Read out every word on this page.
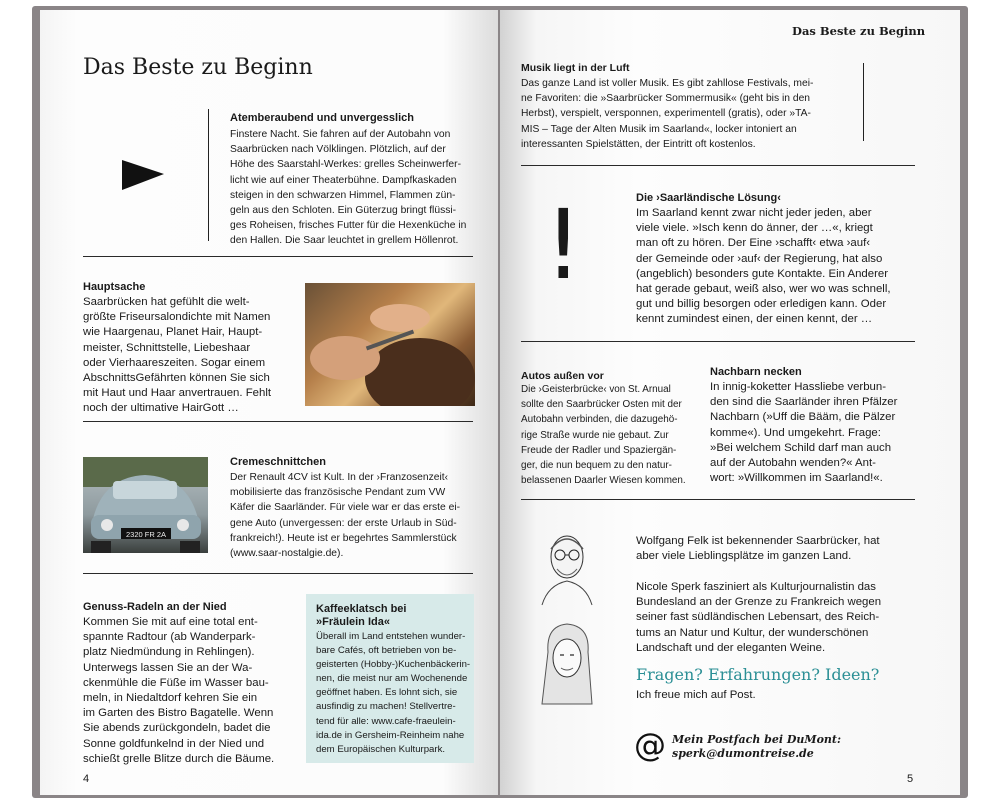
Das Beste zu Beginn
Atemberaubend und unvergesslich
Finstere Nacht. Sie fahren auf der Autobahn von
Saarbrücken nach Völklingen. Plötzlich, auf der
Höhe des Saarstahl-Werkes: grelles Scheinwerfer-
licht wie auf einer Theaterbühne. Dampfkaskaden
steigen in den schwarzen Himmel, Flammen zün-
geln aus den Schloten. Ein Güterzug bringt flüssi-
ges Roheisen, frisches Futter für die Hexenküche in
den Hallen. Die Saar leuchtet in grellem Höllenrot.
Hauptsache
Saarbrücken hat gefühlt die welt-
größte Friseursalondichte mit Namen
wie Haargenau, Planet Hair, Haupt-
meister, Schnittstelle, Liebeshaar
oder Vierhaareszeiten. Sogar einem
AbschnittsGefährten können Sie sich
mit Haut und Haar anvertrauen. Fehlt
noch der ultimative HairGott …
2320 FR 2A
Cremeschnittchen
Der Renault 4CV ist Kult. In der ›Franzosenzeit‹
mobilisierte das französische Pendant zum VW
Käfer die Saarländer. Für viele war er das erste ei-
gene Auto (unvergessen: der erste Urlaub in Süd-
frankreich!). Heute ist er begehrtes Sammlerstück
(www.saar-nostalgie.de).
Genuss-Radeln an der Nied
Kommen Sie mit auf eine total ent-
spannte Radtour (ab Wanderpark-
platz Niedmündung in Rehlingen).
Unterwegs lassen Sie an der Wa-
ckenmühle die Füße im Wasser bau-
meln, in Niedaltdorf kehren Sie ein
im Garten des Bistro Bagatelle. Wenn
Sie abends zurückgondeln, badet die
Sonne goldfunkelnd in der Nied und
schießt grelle Blitze durch die Bäume.
Kaffeeklatsch bei
»Fräulein Ida«
Überall im Land entstehen wunder-
bare Cafés, oft betrieben von be-
geisterten (Hobby-)Kuchenbäckerin-
nen, die meist nur am Wochenende
geöffnet haben. Es lohnt sich, sie
ausfindig zu machen! Stellvertre-
tend für alle: www.cafe-fraeulein-
ida.de in Gersheim-Reinheim nahe
dem Europäischen Kulturpark.
4
Das Beste zu Beginn
Musik liegt in der Luft
Das ganze Land ist voller Musik. Es gibt zahllose Festivals, mei-
ne Favoriten: die »Saarbrücker Sommermusik« (geht bis in den
Herbst), verspielt, versponnen, experimentell (gratis), oder »TA-
MIS – Tage der Alten Musik im Saarland«, locker intoniert an
interessanten Spielstätten, der Eintritt oft kostenlos.
!	Die ›Saarländische Lösung‹
Im Saarland kennt zwar nicht jeder jeden, aber
viele viele. »Isch kenn do änner, der …«, kriegt
man oft zu hören. Der Eine ›schafft‹ etwa ›auf‹
der Gemeinde oder ›auf‹ der Regierung, hat also
(angeblich) besonders gute Kontakte. Ein Anderer
hat gerade gebaut, weiß also, wer wo was schnell,
gut und billig besorgen oder erledigen kann. Oder
kennt zumindest einen, der einen kennt, der …
Autos außen vor
Die ›Geisterbrücke‹ von St. Arnual
sollte den Saarbrücker Osten mit der
Autobahn verbinden, die dazugehö-
rige Straße wurde nie gebaut. Zur
Freude der Radler und Spaziergän-
ger, die nun bequem zu den natur-
belassenen Daarler Wiesen kommen.
Nachbarn necken
In innig-koketter Hassliebe verbun-
den sind die Saarländer ihren Pfälzer
Nachbarn (»Uff die Bääm, die Pälzer
komme«). Und umgekehrt. Frage:
»Bei welchem Schild darf man auch
auf der Autobahn wenden?« Ant-
wort: »Willkommen im Saarland!«.
Wolfgang Felk ist bekennender Saarbrücker, hat
aber viele Lieblingsplätze im ganzen Land.
Nicole Sperk fasziniert als Kulturjournalistin das
Bundesland an der Grenze zu Frankreich wegen
seiner fast südländischen Lebensart, des Reich-
tums an Natur und Kultur, der wunderschönen
Landschaft und der eleganten Weine.
Fragen? Erfahrungen? Ideen?
Ich freue mich auf Post.
@ Mein Postfach bei DuMont:
sperk@dumontreise.de
5
